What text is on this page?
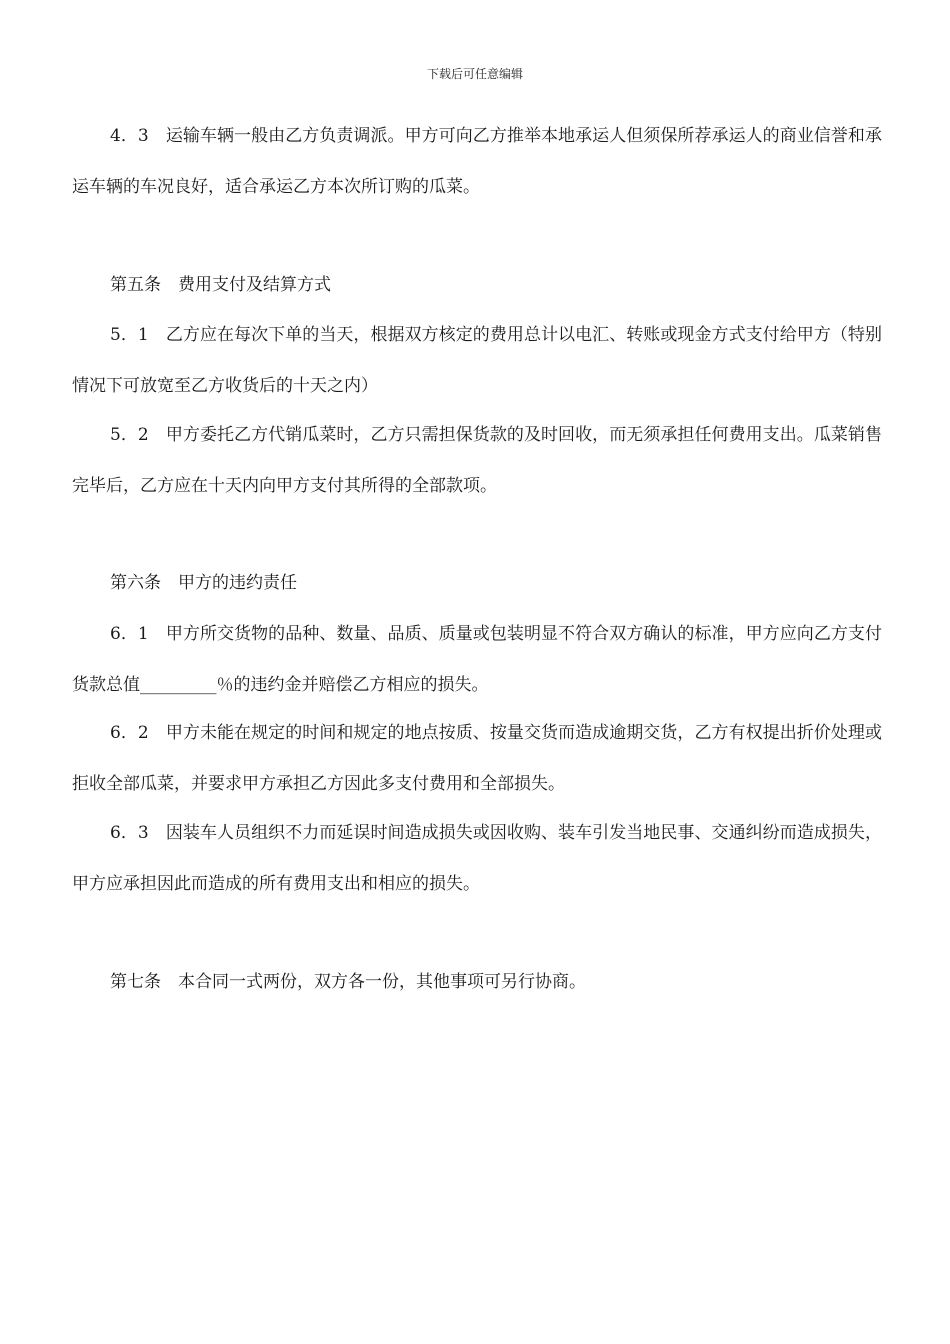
下载后可任意编辑
4．3　运输车辆一般由乙方负责调派。甲方可向乙方推举本地承运人但须保所荐承运人的商业信誉和承运车辆的车况良好，适合承运乙方本次所订购的瓜菜。
第五条　费用支付及结算方式
5．1　乙方应在每次下单的当天，根据双方核定的费用总计以电汇、转账或现金方式支付给甲方（特别情况下可放宽至乙方收货后的十天之内）
5．2　甲方委托乙方代销瓜菜时，乙方只需担保货款的及时回收，而无须承担任何费用支出。瓜菜销售完毕后，乙方应在十天内向甲方支付其所得的全部款项。
第六条　甲方的违约责任
6．1　甲方所交货物的品种、数量、品质、质量或包装明显不符合双方确认的标准，甲方应向乙方支付货款总值_________％的违约金并赔偿乙方相应的损失。
6．2　甲方未能在规定的时间和规定的地点按质、按量交货而造成逾期交货，乙方有权提出折价处理或拒收全部瓜菜，并要求甲方承担乙方因此多支付费用和全部损失。
6．3　因装车人员组织不力而延误时间造成损失或因收购、装车引发当地民事、交通纠纷而造成损失，甲方应承担因此而造成的所有费用支出和相应的损失。
第七条　本合同一式两份，双方各一份，其他事项可另行协商。
